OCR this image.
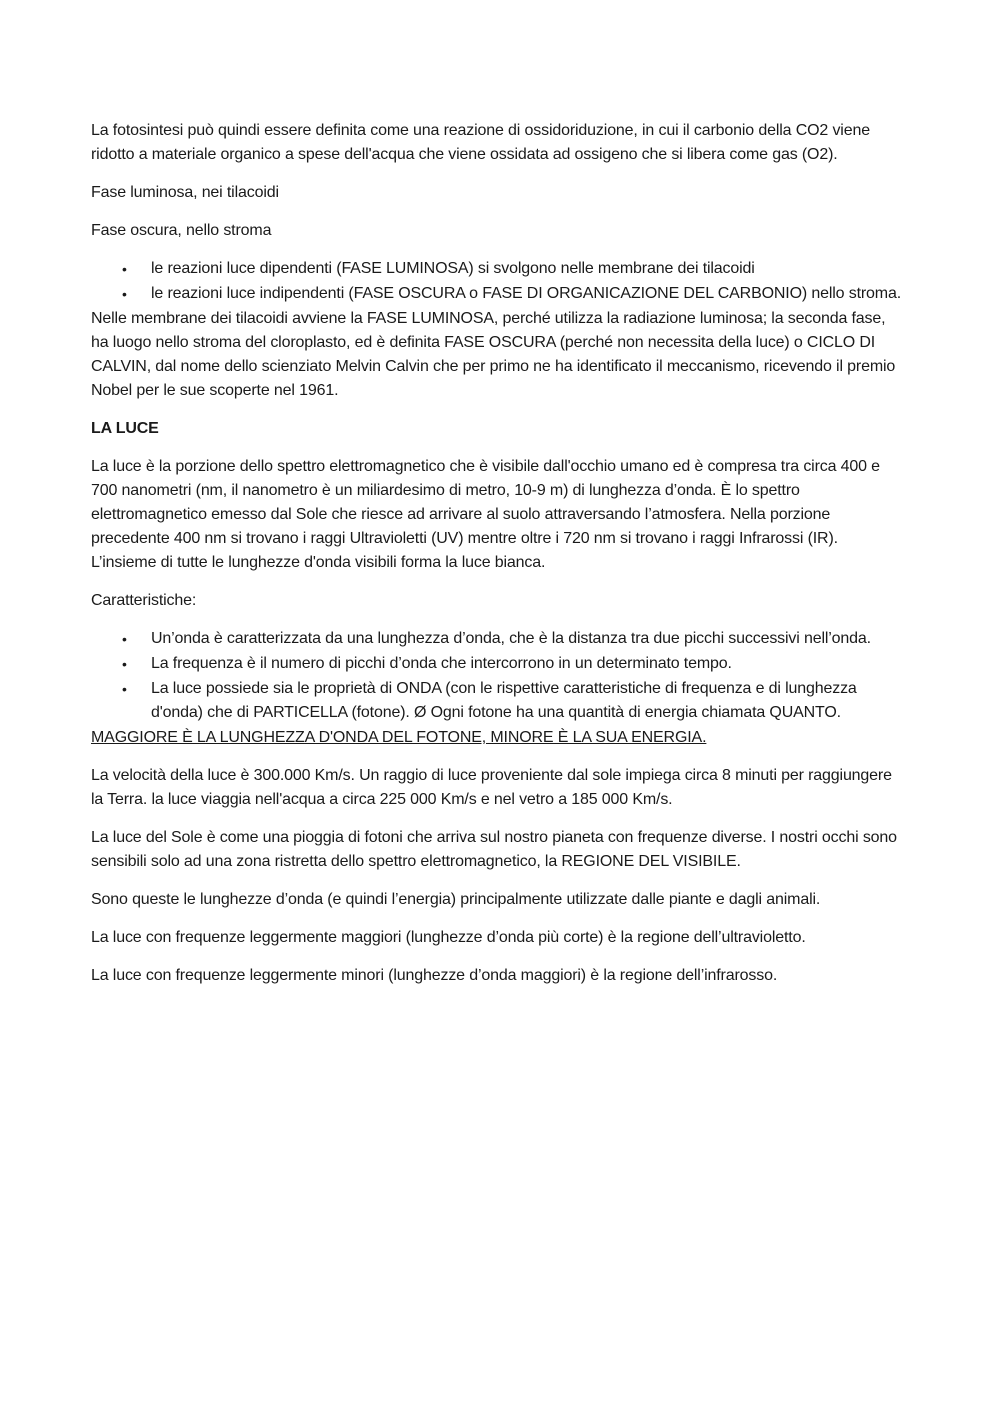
La fotosintesi può quindi essere definita come una reazione di ossidoriduzione, in cui il carbonio della CO2 viene ridotto a materiale organico a spese dell'acqua che viene ossidata ad ossigeno che si libera come gas (O2).

Fase luminosa, nei tilacoidi

Fase oscura, nello stroma

• le reazioni luce dipendenti (FASE LUMINOSA) si svolgono nelle membrane dei tilacoidi
• le reazioni luce indipendenti (FASE OSCURA o FASE DI ORGANICAZIONE DEL CARBONIO) nello stroma.

Nelle membrane dei tilacoidi avviene la FASE LUMINOSA, perché utilizza la radiazione luminosa; la seconda fase, ha luogo nello stroma del cloroplasto, ed è definita FASE OSCURA (perché non necessita della luce) o CICLO DI CALVIN, dal nome dello scienziato Melvin Calvin che per primo ne ha identificato il meccanismo, ricevendo il premio Nobel per le sue scoperte nel 1961.

LA LUCE

La luce è la porzione dello spettro elettromagnetico che è visibile dall'occhio umano ed è compresa tra circa 400 e 700 nanometri (nm, il nanometro è un miliardesimo di metro, 10-9 m) di lunghezza d’onda. È lo spettro elettromagnetico emesso dal Sole che riesce ad arrivare al suolo attraversando l’atmosfera. Nella porzione precedente 400 nm si trovano i raggi Ultravioletti (UV) mentre oltre i 720 nm si trovano i raggi Infrarossi (IR). L’insieme di tutte le lunghezze d'onda visibili forma la luce bianca.

Caratteristiche:

• Un’onda è caratterizzata da una lunghezza d’onda, che è la distanza tra due picchi successivi nell’onda.
• La frequenza è il numero di picchi d’onda che intercorrono in un determinato tempo.
• La luce possiede sia le proprietà di ONDA (con le rispettive caratteristiche di frequenza e di lunghezza d'onda) che di PARTICELLA (fotone). Ø Ogni fotone ha una quantità di energia chiamata QUANTO.

MAGGIORE È LA LUNGHEZZA D'ONDA DEL FOTONE, MINORE È LA SUA ENERGIA.

La velocità della luce è 300.000 Km/s. Un raggio di luce proveniente dal sole impiega circa 8 minuti per raggiungere la Terra. la luce viaggia nell'acqua a circa 225 000 Km/s e nel vetro a 185 000 Km/s.

La luce del Sole è come una pioggia di fotoni che arriva sul nostro pianeta con frequenze diverse. I nostri occhi sono sensibili solo ad una zona ristretta dello spettro elettromagnetico, la REGIONE DEL VISIBILE.

Sono queste le lunghezze d’onda (e quindi l’energia) principalmente utilizzate dalle piante e dagli animali.

La luce con frequenze leggermente maggiori (lunghezze d’onda più corte) è la regione dell’ultravioletto.

La luce con frequenze leggermente minori (lunghezze d’onda maggiori) è la regione dell’infrarosso.
